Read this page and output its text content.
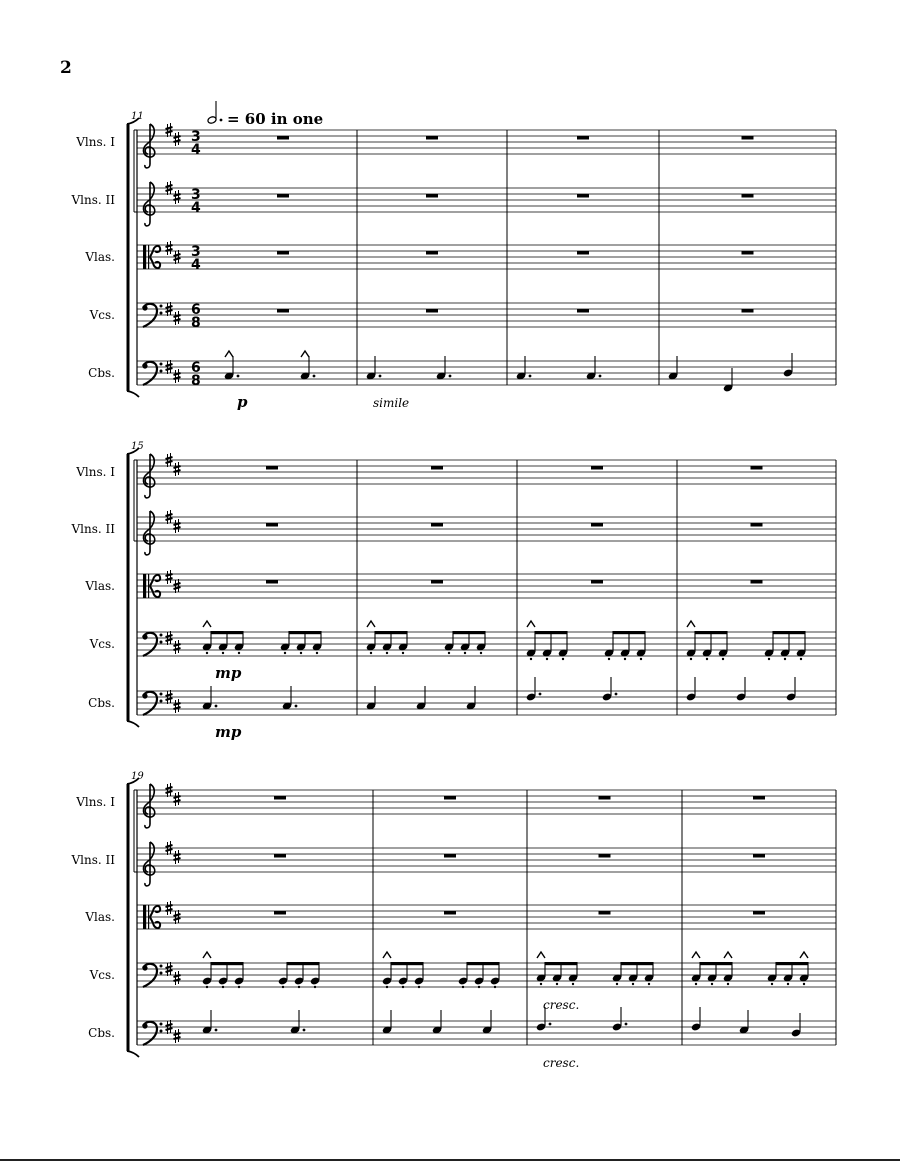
2
11
Vlns. I	3
4
Vlns. II	3
4
Vlas.	3
4
Vcs.	6
8
Cbs.	6
8
p	simile
15
Vlns. I
Vlns. II
Vlas.
Vcs.
Cbs.
mp
mp
19
Vlns. I
Vlns. II
Vlas.
Vcs.
Cbs.
cresc.
cresc.
= 60 in one
